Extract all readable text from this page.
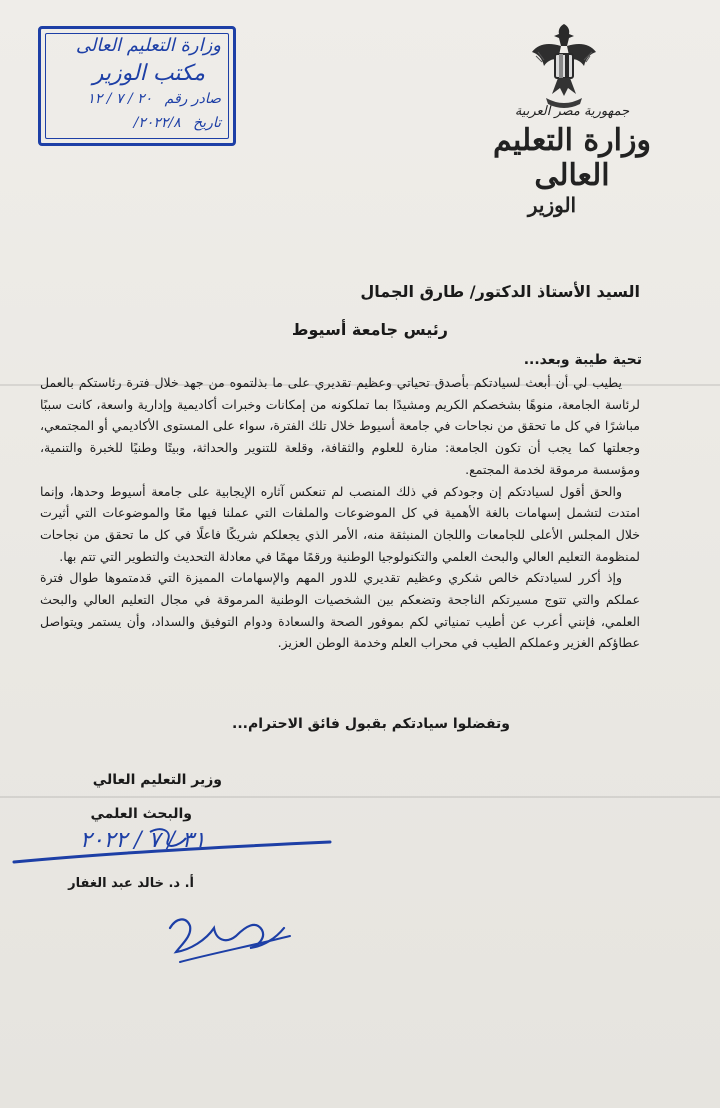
وزارة التعليم العالى
مكتب الوزير
صادر رقم ٢٠ / ٧ / ١٢
تاريخ ٢٠٢٢/٨/
جمهورية مصر العربية
وزارة التعليم العالى
الوزير
السيد الأستاذ الدكتور/ طارق الجمال
رئيس جامعة أسيوط
تحية طيبة وبعد...

يطيب لي أن أبعث لسيادتكم بأصدق تحياتي وعظيم تقديري على ما بذلتموه من جهد خلال فترة رئاستكم بالعمل لرئاسة الجامعة، منوهًا بشخصكم الكريم ومشيدًا بما تملكونه من إمكانات وخبرات أكاديمية وإدارية واسعة، كانت سببًا مباشرًا في كل ما تحقق من نجاحات في جامعة أسيوط خلال تلك الفترة، سواء على المستوى الأكاديمي أو المجتمعي، وجعلتها كما يجب أن تكون الجامعة: منارة للعلوم والثقافة، وقلعة للتنوير والحداثة، وبيتًا وطنيًا للخبرة والتنمية، ومؤسسة مرموقة لخدمة المجتمع.

والحق أقول لسيادتكم إن وجودكم في ذلك المنصب لم تنعكس آثاره الإيجابية على جامعة أسيوط وحدها، وإنما امتدت لتشمل إسهامات بالغة الأهمية في كل الموضوعات والملفات التي عملنا فيها معًا والموضوعات التي أثيرت خلال المجلس الأعلى للجامعات واللجان المنبثقة منه، الأمر الذي يجعلكم شريكًا فاعلًا في كل ما تحقق من نجاحات لمنظومة التعليم العالي والبحث العلمي والتكنولوجيا الوطنية ورقمًا مهمًا في معادلة التحديث والتطوير التي تتم بها.

وإذ أكرر لسيادتكم خالص شكري وعظيم تقديري للدور المهم والإسهامات المميزة التي قدمتموها طوال فترة عملكم والتي تتوج مسيرتكم الناجحة وتضعكم بين الشخصيات الوطنية المرموقة في مجال التعليم العالي والبحث العلمي، فإنني أعرب عن أطيب تمنياتي لكم بموفور الصحة والسعادة ودوام التوفيق والسداد، وأن يستمر ويتواصل عطاؤكم الغزير وعملكم الطيب في محراب العلم وخدمة الوطن العزيز.

وتفضلوا سيادتكم بقبول فائق الاحترام...
وزير التعليم العالي
والبحث العلمي
٣١ / ٧ / ٢٠٢٢
أ. د. خالد عبد الغفار
